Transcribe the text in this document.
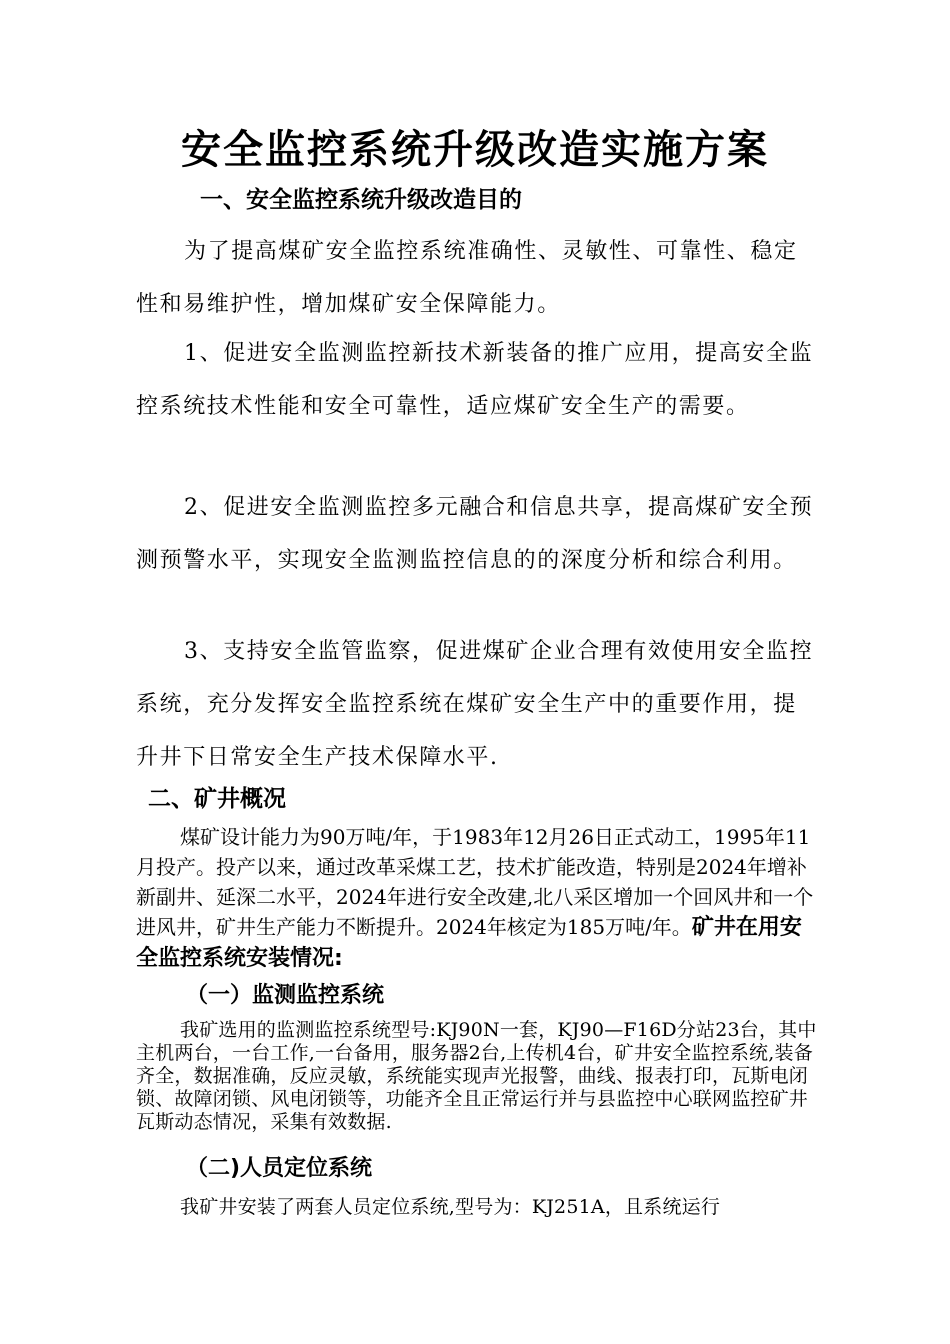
安全监控系统升级改造实施方案
一、安全监控系统升级改造目的

为了提高煤矿安全监控系统准确性、灵敏性、可靠性、稳定性和易维护性，增加煤矿安全保障能力。

1、促进安全监测监控新技术新装备的推广应用，提高安全监控系统技术性能和安全可靠性，适应煤矿安全生产的需要。

2、促进安全监测监控多元融合和信息共享，提高煤矿安全预测预警水平，实现安全监测监控信息的的深度分析和综合利用。

3、支持安全监管监察，促进煤矿企业合理有效使用安全监控系统，充分发挥安全监控系统在煤矿安全生产中的重要作用，提升井下日常安全生产技术保障水平.

二、矿井概况

煤矿设计能力为90万吨/年，于1983年12月26日正式动工，1995年11月投产。投产以来，通过改革采煤工艺，技术扩能改造，特别是2024年增补新副井、延深二水平，2024年进行安全改建,北八采区增加一个回风井和一个进风井，矿井生产能力不断提升。2024年核定为185万吨/年。矿井在用安全监控系统安装情况:

（一）监测监控系统

我矿选用的监测监控系统型号:KJ90N一套，KJ90—F16D分站23台，其中主机两台，一台工作,一台备用，服务器2台,上传机4台，矿井安全监控系统,装备齐全，数据准确，反应灵敏，系统能实现声光报警，曲线、报表打印，瓦斯电闭锁、故障闭锁、风电闭锁等，功能齐全且正常运行并与县监控中心联网监控矿井瓦斯动态情况，采集有效数据.

（二)人员定位系统

我矿井安装了两套人员定位系统,型号为：KJ251A，且系统运行
